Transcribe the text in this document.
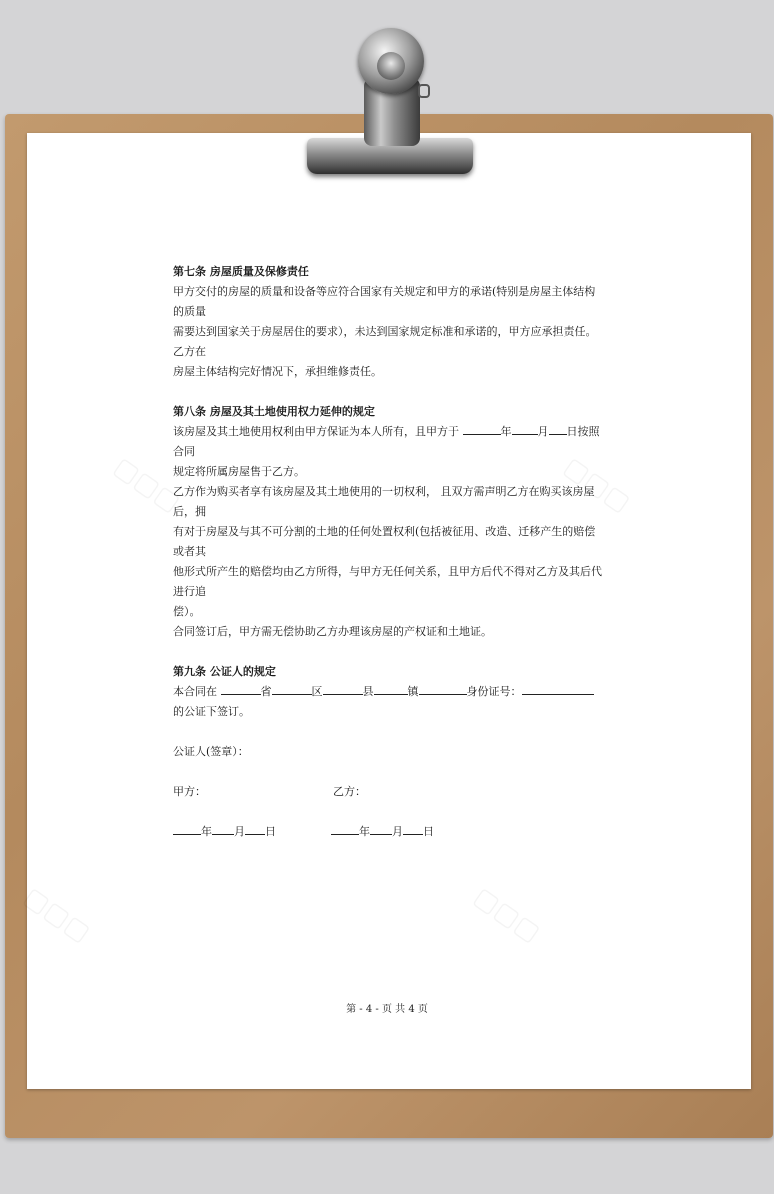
第七条 房屋质量及保修责任

甲方交付的房屋的质量和设备等应符合国家有关规定和甲方的承诺(特别是房屋主体结构的质量

需要达到国家关于房屋居住的要求），未达到国家规定标准和承诺的，甲方应承担责任。乙方在

房屋主体结构完好情况下，承担维修责任。

第八条 房屋及其土地使用权力延伸的规定

该房屋及其土地使用权利由甲方保证为本人所有，且甲方于	年 月 日按照合同

规定将所属房屋售于乙方。

乙方作为购买者享有该房屋及其土地使用的一切权利， 且双方需声明乙方在购买该房屋后，拥

有对于房屋及与其不可分割的土地的任何处置权利(包括被征用、改造、迁移产生的赔偿或者其

他形式所产生的赔偿均由乙方所得，与甲方无任何关系，且甲方后代不得对乙方及其后代进行追

偿）。

合同签订后，甲方需无偿协助乙方办理该房屋的产权证和土地证。

第九条 公证人的规定

本合同在	省	区	县	镇	身份证号：

的公证下签订。

公证人(签章）：

甲方：	乙方：

年 月 日	年 月 日

第 - 4 - 页 共 4 页
